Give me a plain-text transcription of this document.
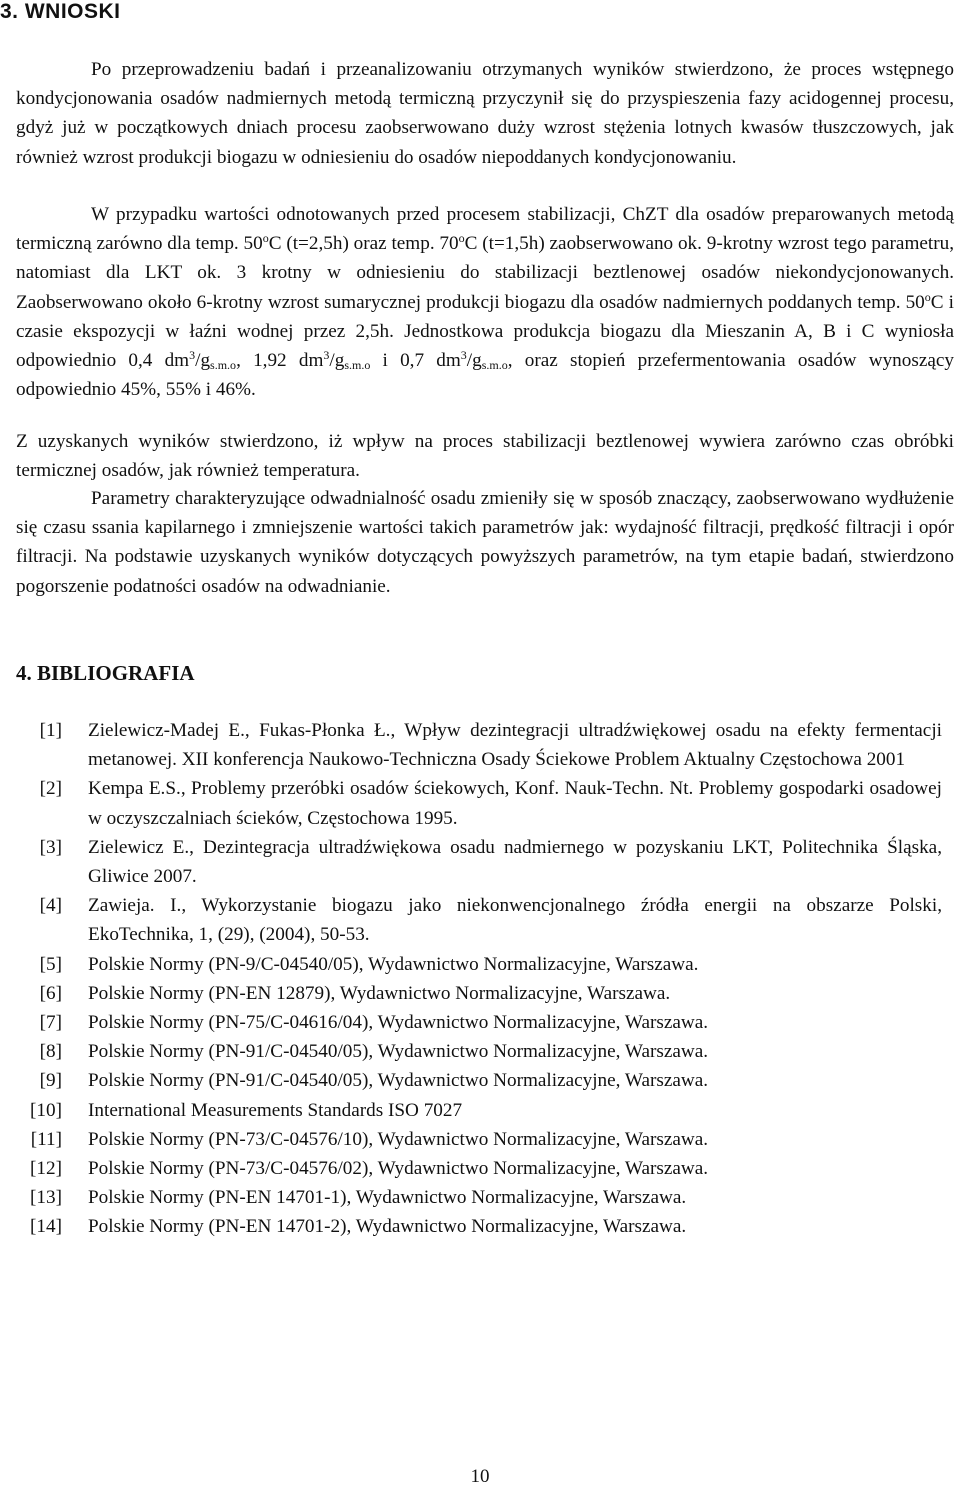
3. WNIOSKI
Po przeprowadzeniu badań i przeanalizowaniu otrzymanych wyników stwierdzono, że proces wstępnego kondycjonowania osadów nadmiernych metodą termiczną przyczynił się do przyspieszenia fazy acidogennej procesu, gdyż już w początkowych dniach procesu zaobserwowano duży wzrost stężenia lotnych kwasów tłuszczowych, jak również wzrost produkcji biogazu w odniesieniu do osadów niepoddanych kondycjonowaniu.
W przypadku wartości odnotowanych przed procesem stabilizacji, ChZT dla osadów preparowanych metodą termiczną zarówno dla temp. 50$^o$C (t=2,5h) oraz temp. 70$^o$C (t=1,5h) zaobserwowano ok. 9-krotny wzrost tego parametru, natomiast dla LKT ok. 3 krotny w odniesieniu do stabilizacji beztlenowej osadów niekondycjonowanych. Zaobserwowano około 6-krotny wzrost sumarycznej produkcji biogazu dla osadów nadmiernych poddanych temp. 50$^o$C i czasie ekspozycji w łaźni wodnej przez 2,5h. Jednostkowa produkcja biogazu dla Mieszanin A, B i C wyniosła odpowiednio 0,4 $dm^3/g_{s.m.o}$, 1,92 $dm^3/g_{s.m.o}$ i 0,7 $dm^3/g_{s.m.o}$, oraz stopień przefermentowania osadów wynoszący odpowiednio 45%, 55% i 46%.
Z uzyskanych wyników stwierdzono, iż wpływ na proces stabilizacji beztlenowej wywiera zarówno czas obróbki termicznej osadów, jak również temperatura.
Parametry charakteryzujące odwadnialność osadu zmieniły się w sposób znaczący, zaobserwowano wydłużenie się czasu ssania kapilarnego i zmniejszenie wartości takich parametrów jak: wydajność filtracji, prędkość filtracji i opór filtracji. Na podstawie uzyskanych wyników dotyczących powyższych parametrów, na tym etapie badań, stwierdzono pogorszenie podatności osadów na odwadnianie.
4. BIBLIOGRAFIA
[1]	Zielewicz-Madej E., Fukas-Płonka Ł., Wpływ dezintegracji ultradźwiękowej osadu na efekty fermentacji metanowej. XII konferencja Naukowo-Techniczna Osady Ściekowe Problem Aktualny Częstochowa 2001
[2]	Kempa E.S., Problemy przeróbki osadów ściekowych, Konf. Nauk-Techn. Nt. Problemy gospodarki osadowej w oczyszczalniach ścieków, Częstochowa 1995.
[3]	Zielewicz E., Dezintegracja ultradźwiękowa osadu nadmiernego w pozyskaniu LKT, Politechnika Śląska, Gliwice 2007.
[4]	Zawieja. I., Wykorzystanie biogazu jako niekonwencjonalnego źródła energii na obszarze Polski, EkoTechnika, 1, (29), (2004), 50-53.
[5]	Polskie Normy (PN-9/C-04540/05), Wydawnictwo Normalizacyjne, Warszawa.
[6]	Polskie Normy (PN-EN 12879), Wydawnictwo Normalizacyjne, Warszawa.
[7]	Polskie Normy (PN-75/C-04616/04), Wydawnictwo Normalizacyjne, Warszawa.
[8]	Polskie Normy (PN-91/C-04540/05), Wydawnictwo Normalizacyjne, Warszawa.
[9]	Polskie Normy (PN-91/C-04540/05), Wydawnictwo Normalizacyjne, Warszawa.
[10]	International Measurements Standards ISO 7027
[11]	Polskie Normy (PN-73/C-04576/10), Wydawnictwo Normalizacyjne, Warszawa.
[12]	Polskie Normy (PN-73/C-04576/02), Wydawnictwo Normalizacyjne, Warszawa.
[13]	Polskie Normy (PN-EN 14701-1), Wydawnictwo Normalizacyjne, Warszawa.
[14]	Polskie Normy (PN-EN 14701-2), Wydawnictwo Normalizacyjne, Warszawa.
10
